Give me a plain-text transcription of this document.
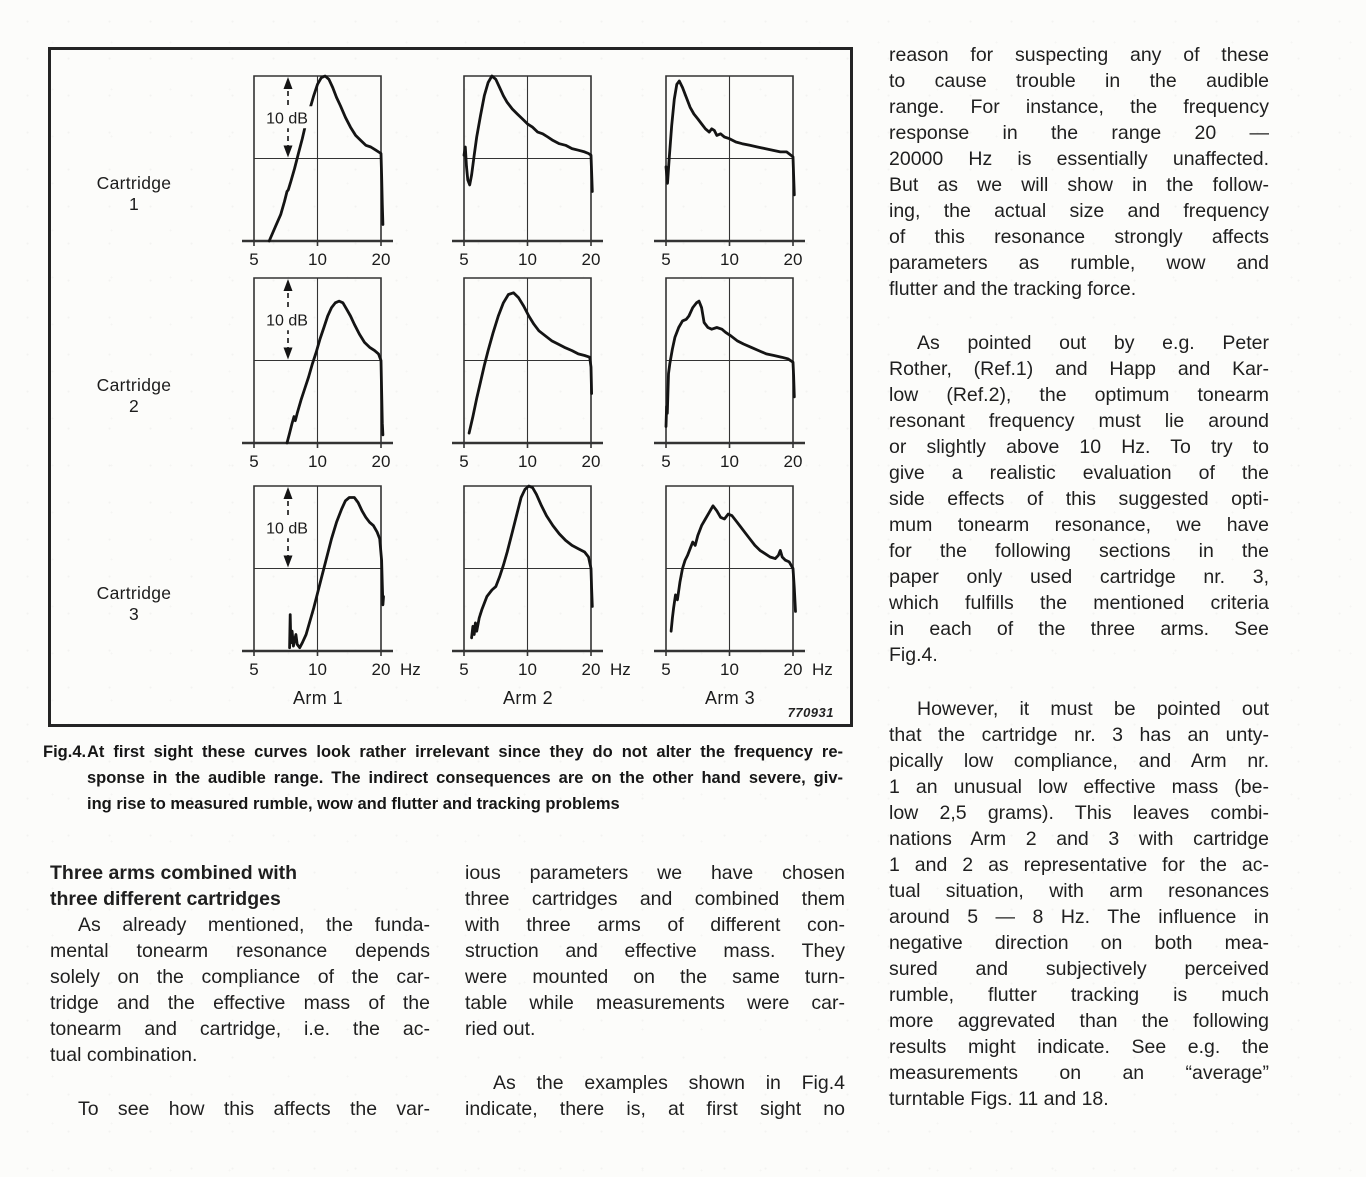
10 dB
5	10	20	5	10	20	5	10	20
10 dB
5	10	20	5	10	20	5	10	20
10 dB
5	10	20 Hz 5	10	20 Hz 5	10	20 Hz
Cartridge
1
Cartridge
2
Cartridge
3
Arm 1	Arm 2	Arm 3
770931
Fig.4. At first sight these curves look rather irrelevant since they do not alter the frequency re-
sponse in the audible range. The indirect consequences are on the other hand severe, giv-
ing rise to measured rumble, wow and flutter and tracking problems
Three arms combined with
three different cartridges
As already mentioned, the funda-
mental tonearm resonance depends
solely on the compliance of the car-
tridge and the effective mass of the
tonearm and cartridge, i.e. the ac-
tual combination.
To see how this affects the var-
ious parameters we have chosen
three cartridges and combined them
with three arms of different con-
struction and effective mass. They
were mounted on the same turn-
table while measurements were car-
ried out.
As the examples shown in Fig.4
indicate, there is, at first sight no
reason for suspecting any of these
to cause trouble in the audible
range. For instance, the frequency
response in the range 20 —
20000 Hz is essentially unaffected.
But as we will show in the follow-
ing, the actual size and frequency
of this resonance strongly affects
parameters as rumble, wow and
flutter and the tracking force.
As pointed out by e.g. Peter
Rother, (Ref.1) and Happ and Kar-
low (Ref.2), the optimum tonearm
resonant frequency must lie around
or slightly above 10 Hz. To try to
give a realistic evaluation of the
side effects of this suggested opti-
mum tonearm resonance, we have
for the following sections in the
paper only used cartridge nr. 3,
which fulfills the mentioned criteria
in each of the three arms. See
Fig.4.
However, it must be pointed out
that the cartridge nr. 3 has an unty-
pically low compliance, and Arm nr.
1 an unusual low effective mass (be-
low 2,5 grams). This leaves combi-
nations Arm 2 and 3 with cartridge
1 and 2 as representative for the ac-
tual situation, with arm resonances
around 5 — 8 Hz. The influence in
negative direction on both mea-
sured and subjectively perceived
rumble, flutter tracking is much
more aggrevated than the following
results might indicate. See e.g. the
measurements on an “average”
turntable Figs. 11 and 18.
